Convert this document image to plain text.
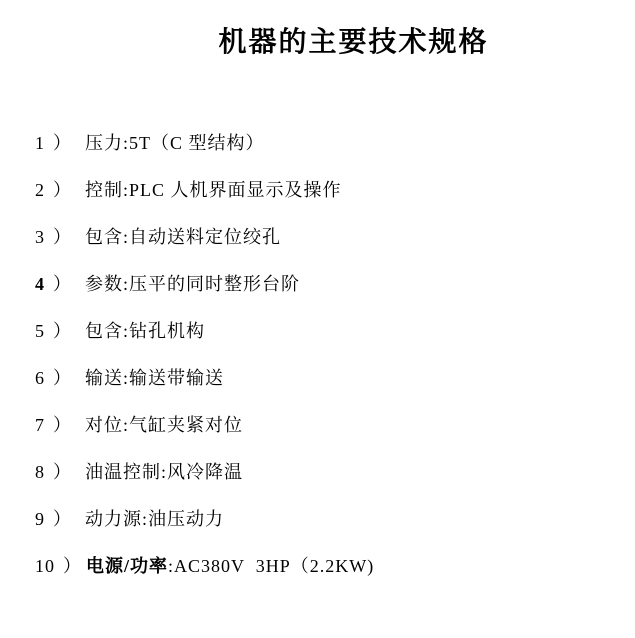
机器的主要技术规格
1 ） 压力:5T（C 型结构）
2 ） 控制:PLC 人机界面显示及操作
3 ） 包含:自动送料定位绞孔
4 ） 参数:压平的同时整形台阶
5 ） 包含:钻孔机构
6 ） 输送:输送带输送
7 ） 对位:气缸夹紧对位
8 ） 油温控制:风冷降温
9 ） 动力源:油压动力
10 ） 电源/功率:AC380V  3HP（2.2KW)
